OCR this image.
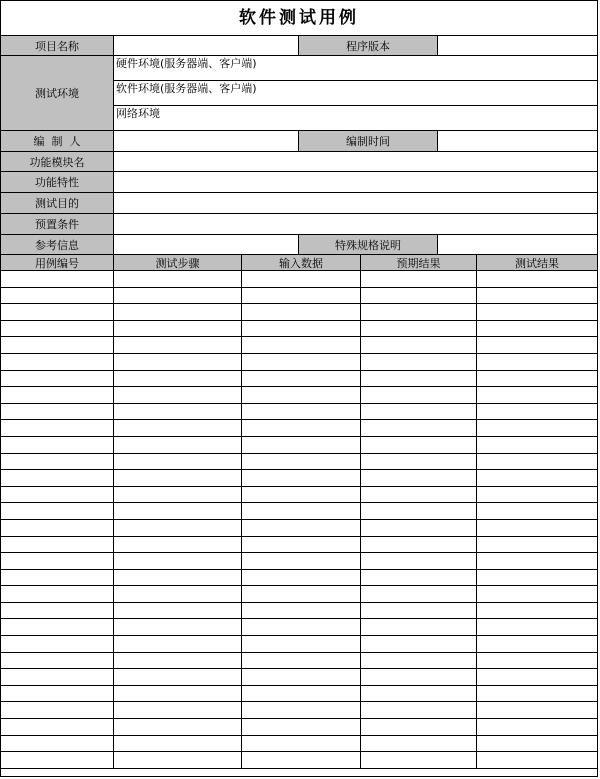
软件测试用例
项目名称	程序版本
测试环境
硬件环境(服务器端、客户端)
软件环境(服务器端、客户端)
网络环境
编  制  人	编制时间
功能模块名
功能特性
测试目的
预置条件
参考信息	特殊规格说明
用例编号	测试步骤	输入数据	预期结果	测试结果
